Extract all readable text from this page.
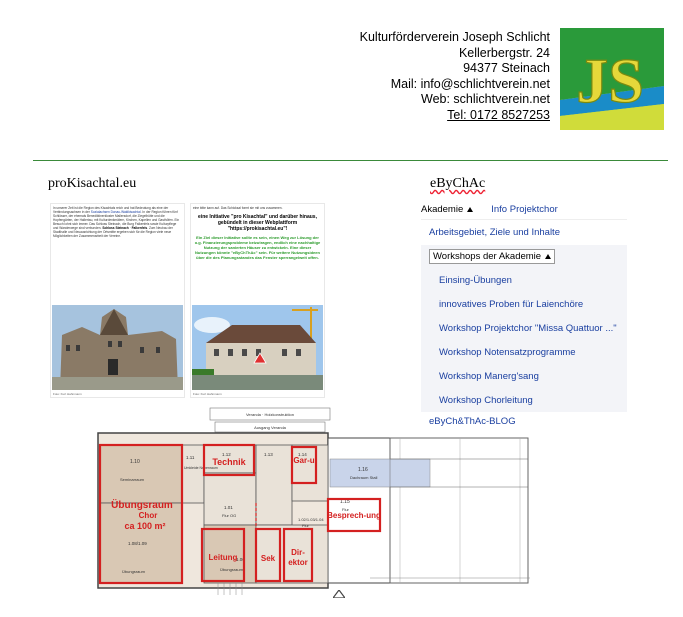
Kulturförderverein Joseph Schlicht
Kellerbergstr. 24
94377 Steinach
Mail: info@schlichtverein.net
Web: schlichtverein.net
Tel: 0172 8527253 JS
proKisachtal.eu
In unserer Zeit ist die Region des Kisachtals reich und hat Bedeutung als eine der Verbindungsachsen in der Sozialachsen Donau-Waldkisachtal. In der Region führen fünf Schlösser, der ehemals Benediktinerkloster Mallersdorf, die Ziegelhütte und die Hopfengärten, der Hallertau, mit Kulturdenkmälern, Kirchen, Kapellen und Gasthöfen. Ein Besuch lohnt sich immer. Das Schloss Steinach, die Burg Falkenfels sowie Kulturpflege und Wanderwege sind verbunden. Schloss Steinach · Falkenfels. Zum Neubau der Stadthalle und Neuausrichtung der Ortsmitte ergeben sich für die Region viele neue Möglichkeiten der Zusammenarbeit der Vereine.
Foto: Kurt Hahnmann
eine bitte kann auf. Das Schicksal formt sie mit uns zusammen.
eine Initiative "pro Kisachtal" und darüber hinaus, gebündelt in dieser Webplattform "https://prokisachtal.eu"!
Ein Ziel dieser Initiative sollte es sein, einen Weg zur Lösung der o.g. Finanzierungsprobleme beizutragen, endlich eine nachhaltige Nutzung der sanierten Häuser zu entwickeln. Eine dieser Nutzungen könnte "eByChThAc" sein. Für weitere Nutzungsideen über die des Planungsstandes das Fenster sperrangelweit offen.
Foto: Kurt Hahnmann
eByChAc
Akademie	Info Projektchor
Arbeitsgebiet, Ziele und Inhalte
Workshops der Akademie
Einsing-Übungen
innovatives Proben für Laienchöre
Workshop Projektchor "Missa Quattuor ..."
Workshop Notensatzprogramme
Workshop Manerg'sang
Workshop Chorleitung
eByCh&ThAc-BLOG
Veranda · Holzkonstruktion
Ausgang Veranda
1.16
Dachraum Stall
1.10
Seminarraum
1.11
Umkleide Nebenraum
1.12	1.13	1.14
1.01
Flur OG
1.08/1.09
Übungsraum
1.06
Übungsraum
1.02/1.03/1.04
Flur
1.15
Flur
Übungsraum
Chor
ca 100 m²
Technik	Gar-u
Besprech-ung
Leitung	Sek
Dir-
ektor
